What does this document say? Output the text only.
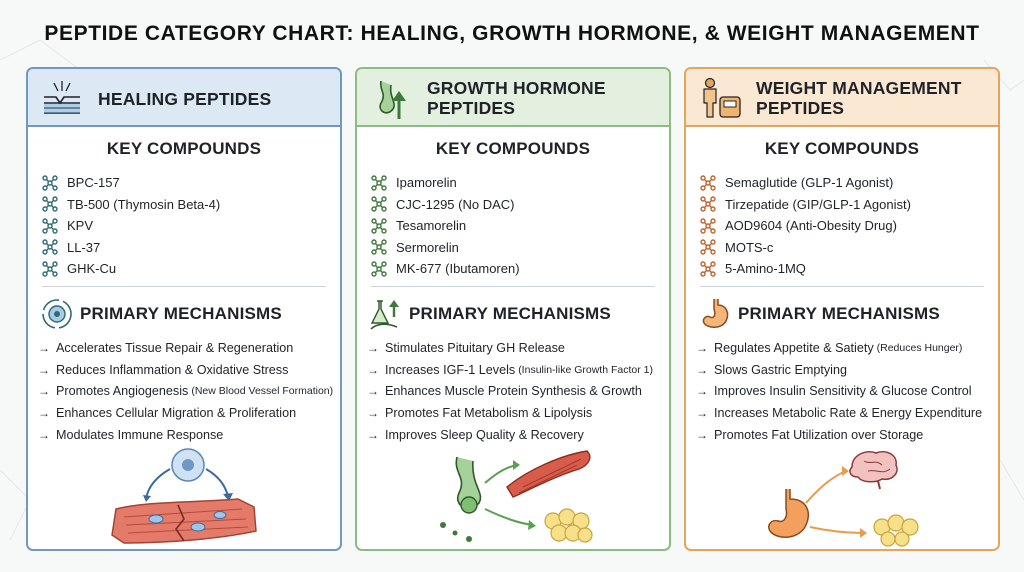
PEPTIDE CATEGORY CHART: HEALING, GROWTH HORMONE, & WEIGHT MANAGEMENT
HEALING PEPTIDES
KEY COMPOUNDS
BPC-157
TB-500 (Thymosin Beta-4)
KPV
LL-37
GHK-Cu
PRIMARY MECHANISMS
→ Accelerates Tissue Repair & Regeneration
→ Reduces Inflammation & Oxidative Stress
→ Promotes Angiogenesis (New Blood Vessel Formation)
→ Enhances Cellular Migration & Proliferation
→ Modulates Immune Response
GROWTH HORMONE
PEPTIDES
KEY COMPOUNDS
Ipamorelin
CJC-1295 (No DAC)
Tesamorelin
Sermorelin
MK-677 (Ibutamoren)
PRIMARY MECHANISMS
→ Stimulates Pituitary GH Release
→ Increases IGF-1 Levels (Insulin-like Growth Factor 1)
→ Enhances Muscle Protein Synthesis & Growth
→ Promotes Fat Metabolism & Lipolysis
→ Improves Sleep Quality & Recovery
WEIGHT MANAGEMENT
PEPTIDES
KEY COMPOUNDS
Semaglutide (GLP-1 Agonist)
Tirzepatide (GIP/GLP-1 Agonist)
AOD9604 (Anti-Obesity Drug)
MOTS-c
5-Amino-1MQ
PRIMARY MECHANISMS
→ Regulates Appetite & Satiety (Reduces Hunger)
→ Slows Gastric Emptying
→ Improves Insulin Sensitivity & Glucose Control
→ Increases Metabolic Rate & Energy Expenditure
→ Promotes Fat Utilization over Storage
